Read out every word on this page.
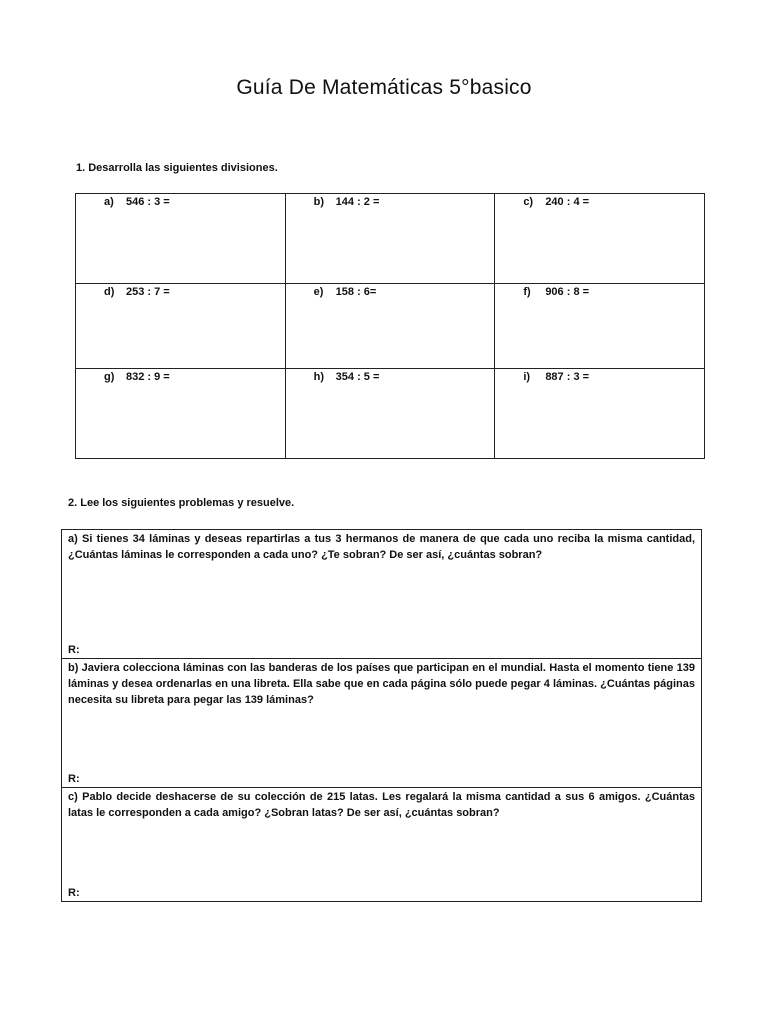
Guía De Matemáticas 5°basico
1. Desarrolla las siguientes divisiones.
a) 546 : 3 =	b) 144 : 2 =	c) 240 : 4 =

d) 253 : 7 =	e) 158 : 6=	f) 906 : 8 =

g) 832 : 9 =	h) 354 : 5 =	i) 887 : 3 =
2. Lee los siguientes problemas y resuelve.
a) Si tienes 34 láminas y deseas repartirlas a tus 3 hermanos de manera de que cada uno reciba la misma cantidad, ¿Cuántas láminas le corresponden a cada uno? ¿Te sobran? De ser así, ¿cuántas sobran?
R:
b) Javiera colecciona láminas con las banderas de los países que participan en el mundial. Hasta el momento tiene 139 láminas y desea ordenarlas en una libreta. Ella sabe que en cada página sólo puede pegar 4 láminas. ¿Cuántas páginas necesita su libreta para pegar las 139 láminas?
R:
c) Pablo decide deshacerse de su colección de 215 latas. Les regalará la misma cantidad a sus 6 amigos. ¿Cuántas latas le corresponden a cada amigo? ¿Sobran latas? De ser así, ¿cuántas sobran?
R:
